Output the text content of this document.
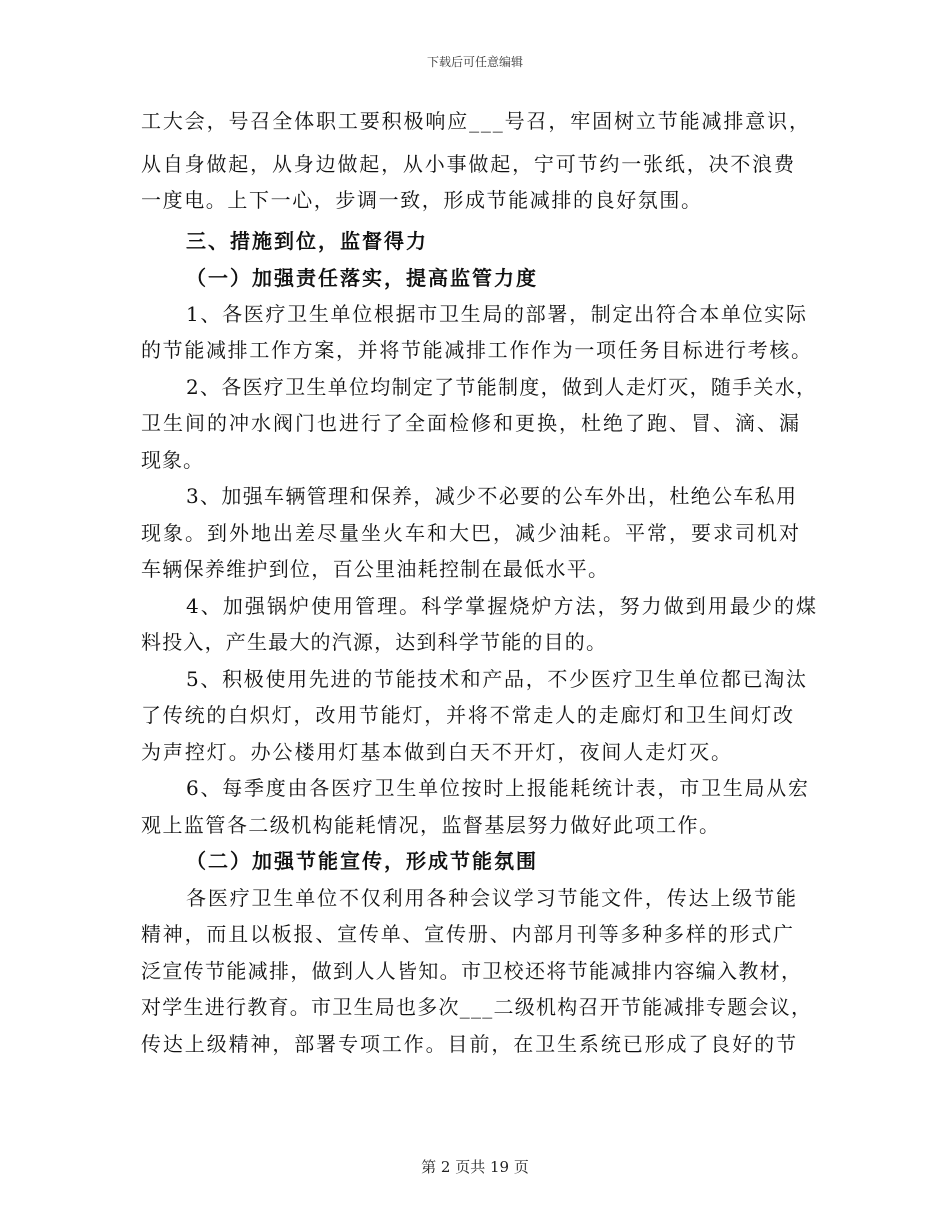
下载后可任意编辑
工大会，号召全体职工要积极响应___号召，牢固树立节能减排意识，
从自身做起，从身边做起，从小事做起，宁可节约一张纸，决不浪费
一度电。上下一心，步调一致，形成节能减排的良好氛围。
三、措施到位，监督得力
（一）加强责任落实，提高监管力度
1、各医疗卫生单位根据市卫生局的部署，制定出符合本单位实际
的节能减排工作方案，并将节能减排工作作为一项任务目标进行考核。
2、各医疗卫生单位均制定了节能制度，做到人走灯灭，随手关水，
卫生间的冲水阀门也进行了全面检修和更换，杜绝了跑、冒、滴、漏
现象。
3、加强车辆管理和保养，减少不必要的公车外出，杜绝公车私用
现象。到外地出差尽量坐火车和大巴，减少油耗。平常，要求司机对
车辆保养维护到位，百公里油耗控制在最低水平。
4、加强锅炉使用管理。科学掌握烧炉方法，努力做到用最少的煤
料投入，产生最大的汽源，达到科学节能的目的。
5、积极使用先进的节能技术和产品，不少医疗卫生单位都已淘汰
了传统的白炽灯，改用节能灯，并将不常走人的走廊灯和卫生间灯改
为声控灯。办公楼用灯基本做到白天不开灯，夜间人走灯灭。
6、每季度由各医疗卫生单位按时上报能耗统计表，市卫生局从宏
观上监管各二级机构能耗情况，监督基层努力做好此项工作。
（二）加强节能宣传，形成节能氛围
各医疗卫生单位不仅利用各种会议学习节能文件，传达上级节能
精神，而且以板报、宣传单、宣传册、内部月刊等多种多样的形式广
泛宣传节能减排，做到人人皆知。市卫校还将节能减排内容编入教材，
对学生进行教育。市卫生局也多次___二级机构召开节能减排专题会议，
传达上级精神，部署专项工作。目前，在卫生系统已形成了良好的节
第 2 页共 19 页
